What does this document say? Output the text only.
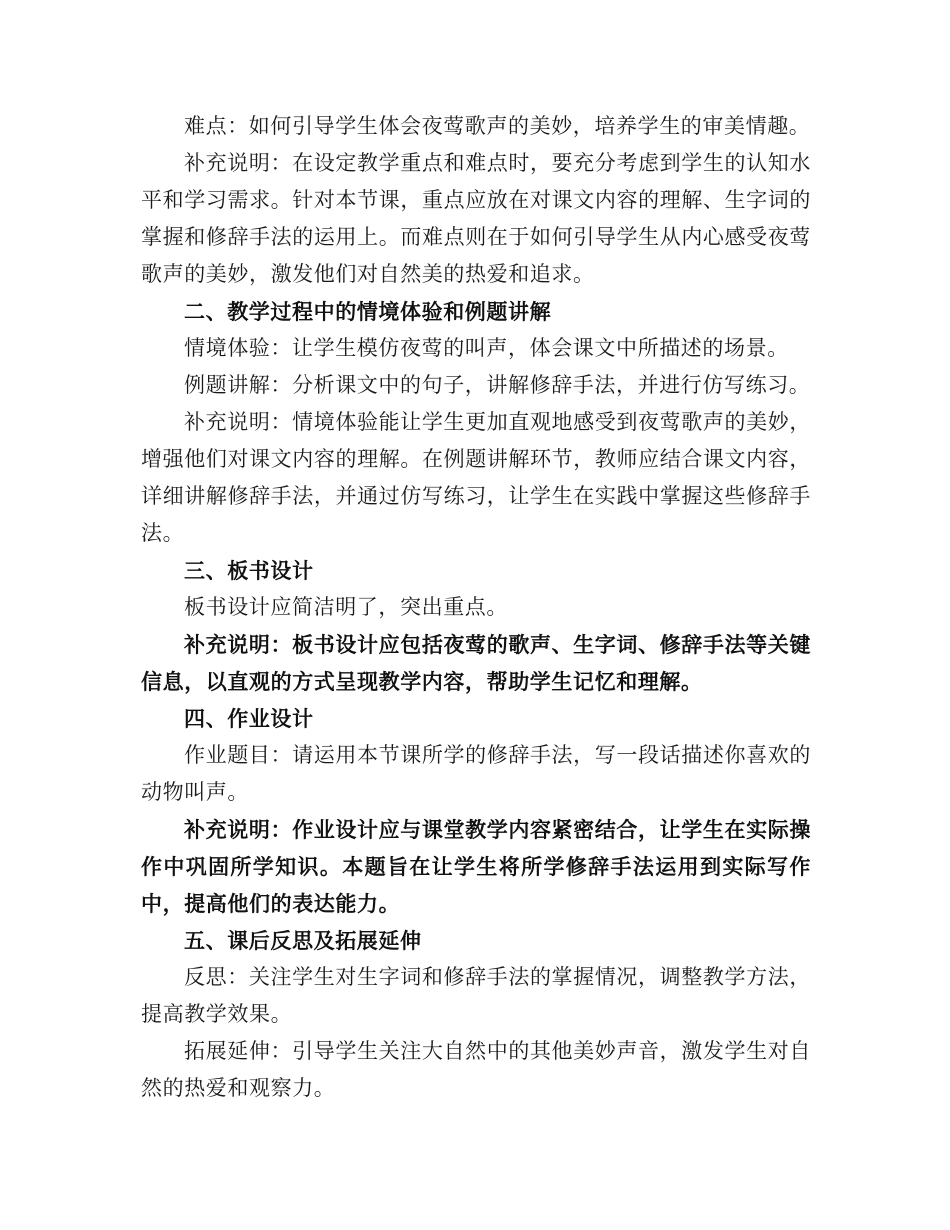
难点：如何引导学生体会夜莺歌声的美妙，培养学生的审美情趣。

补充说明：在设定教学重点和难点时，要充分考虑到学生的认知水平和学习需求。针对本节课，重点应放在对课文内容的理解、生字词的掌握和修辞手法的运用上。而难点则在于如何引导学生从内心感受夜莺歌声的美妙，激发他们对自然美的热爱和追求。

二、教学过程中的情境体验和例题讲解

情境体验：让学生模仿夜莺的叫声，体会课文中所描述的场景。

例题讲解：分析课文中的句子，讲解修辞手法，并进行仿写练习。

补充说明：情境体验能让学生更加直观地感受到夜莺歌声的美妙，增强他们对课文内容的理解。在例题讲解环节，教师应结合课文内容，详细讲解修辞手法，并通过仿写练习，让学生在实践中掌握这些修辞手法。

三、板书设计

板书设计应简洁明了，突出重点。

补充说明：板书设计应包括夜莺的歌声、生字词、修辞手法等关键信息，以直观的方式呈现教学内容，帮助学生记忆和理解。

四、作业设计

作业题目：请运用本节课所学的修辞手法，写一段话描述你喜欢的动物叫声。

补充说明：作业设计应与课堂教学内容紧密结合，让学生在实际操作中巩固所学知识。本题旨在让学生将所学修辞手法运用到实际写作中，提高他们的表达能力。

五、课后反思及拓展延伸

反思：关注学生对生字词和修辞手法的掌握情况，调整教学方法，提高教学效果。

拓展延伸：引导学生关注大自然中的其他美妙声音，激发学生对自然的热爱和观察力。
